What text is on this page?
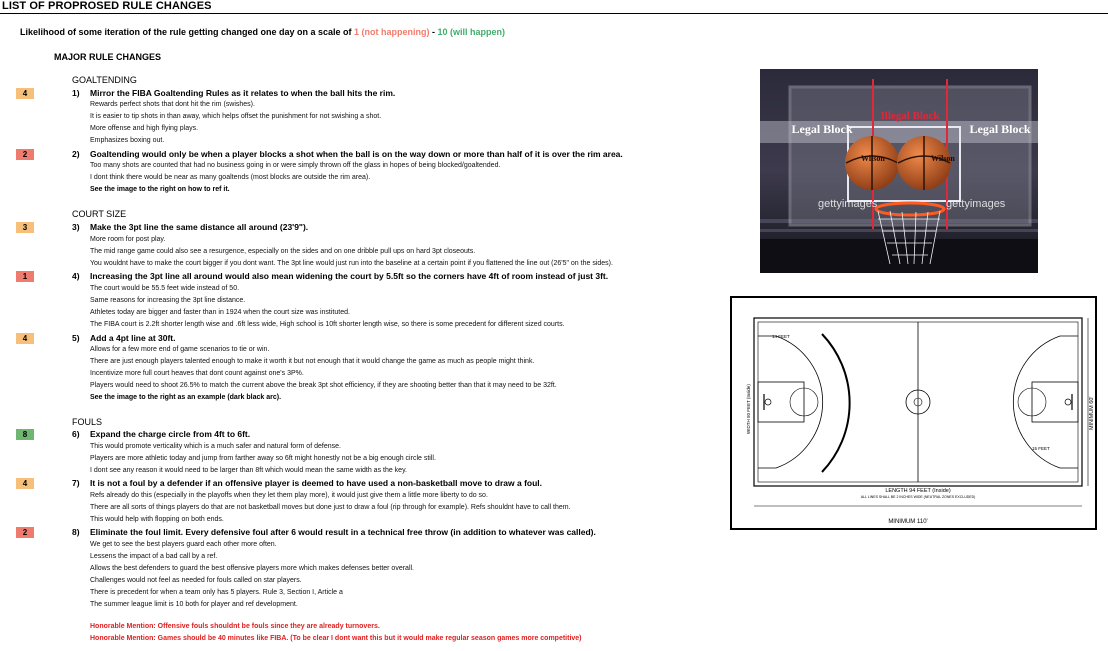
LIST OF PROPROSED RULE CHANGES
Likelihood of some iteration of the rule getting changed one day on a scale of 1 (not happening) - 10 (will happen)
MAJOR RULE CHANGES
GOALTENDING
4	1) Mirror the FIBA Goaltending Rules as it relates to when the ball hits the rim.
Rewards perfect shots that dont hit the rim (swishes).
It is easier to tip shots in than away, which helps offset the punishment for not swishing a shot.
More offense and high flying plays.
Emphasizes boxing out.
2	2) Goaltending would only be when a player blocks a shot when the ball is on the way down or more than half of it is over the rim area.
Too many shots are counted that had no business going in or were simply thrown off the glass in hopes of being blocked/goaltended.
I dont think there would be near as many goaltends (most blocks are outside the rim area).
See the image to the right on how to ref it.
COURT SIZE
3	3) Make the 3pt line the same distance all around (23'9").
More room for post play.
The mid range game could also see a resurgence, especially on the sides and on one dribble pull ups on hard 3pt closeouts.
You wouldnt have to make the court bigger if you dont want. The 3pt line would just run into the baseline at a certain point if you flattened the line out (26'5" on the sides).
1	4) Increasing the 3pt line all around would also mean widening the court by 5.5ft so the corners have 4ft of room instead of just 3ft.
The court would be 55.5 feet wide instead of 50.
Same reasons for increasing the 3pt line distance.
Athletes today are bigger and faster than in 1924 when the court size was instituted.
The FIBA court is 2.2ft shorter length wise and .6ft less wide, High school is 10ft shorter length wise, so there is some precedent for different sized courts.
4	5) Add a 4pt line at 30ft.
Allows for a few more end of game scenarios to tie or win.
There are just enough players talented enough to make it worth it but not enough that it would change the game as much as people might think.
Incentivize more full court heaves that dont count against one's 3P%.
Players would need to shoot 26.5% to match the current above the break 3pt shot efficiency, if they are shooting better than that it may need to be 32ft.
See the image to the right as an example (dark black arc).
FOULS
8	6) Expand the charge circle from 4ft to 6ft.
This would promote verticality which is a much safer and natural form of defense.
Players are more athletic today and jump from farther away so 6ft might honestly not be a big enough circle still.
I dont see any reason it would need to be larger than 8ft which would mean the same width as the key.
4	7) It is not a foul by a defender if an offensive player is deemed to have used a non-basketball move to draw a foul.
Refs already do this (especially in the playoffs when they let them play more), it would just give them a little more liberty to do so.
There are all sorts of things players do that are not basketball moves but done just to draw a foul (rip through for example). Refs shouldnt have to call them.
This would help with flopping on both ends.
2	8) Eliminate the foul limit. Every defensive foul after 6 would result in a technical free throw (in addition to whatever was called).
We get to see the best players guard each other more often.
Lessens the impact of a bad call by a ref.
Allows the best defenders to guard the best offensive players more which makes defenses better overall.
Challenges would not feel as needed for fouls called on star players.
There is precedent for when a team only has 5 players. Rule 3, Section I, Article a
The summer league limit is 10 both for player and ref development.
Honorable Mention: Offensive fouls shouldnt be fouls since they are already turnovers.
Honorable Mention: Games should be 40 minutes like FIBA. (To be clear I dont want this but it would make regular season games more competitive)
Wilson	Wilson
Legal Block
Illegal Block
Legal Block
gettyimages	gettyimages
14 FEET
15 FEET
LENGTH 94 FEET (Inside)
ALL LINES SHALL BE 2 INCHES WIDE (NEUTRAL ZONES EXCLUDED)
MINIMUM 110'
WIDTH 50 FEET (Inside)	MINIMUM 60'
